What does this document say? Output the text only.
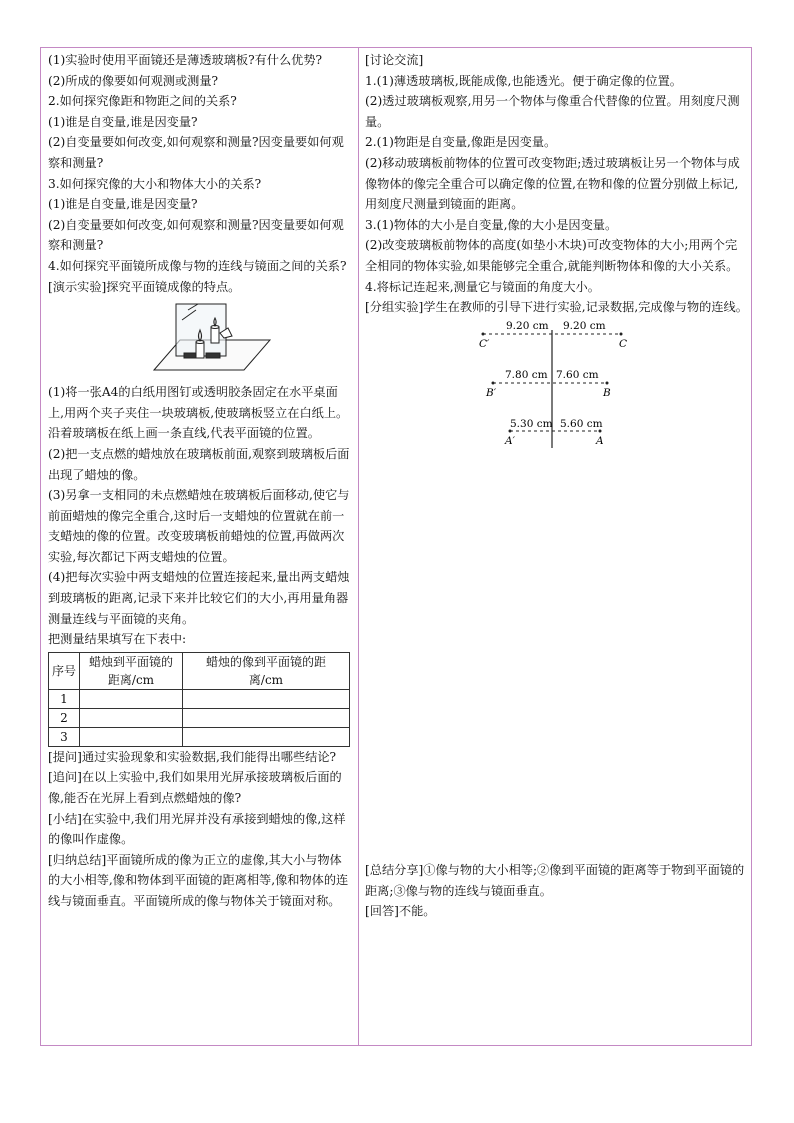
(1)实验时使用平面镜还是薄透玻璃板?有什么优势?

(2)所成的像要如何观测或测量?

2.如何探究像距和物距之间的关系?

(1)谁是自变量,谁是因变量?

(2)自变量要如何改变,如何观察和测量?因变量要如何观察和测量?

3.如何探究像的大小和物体大小的关系?

(1)谁是自变量,谁是因变量?

(2)自变量要如何改变,如何观察和测量?因变量要如何观察和测量?

4.如何探究平面镜所成像与物的连线与镜面之间的关系?

[演示实验]探究平面镜成像的特点。

(1)将一张A4的白纸用图钉或透明胶条固定在水平桌面上,用两个夹子夹住一块玻璃板,使玻璃板竖立在白纸上。沿着玻璃板在纸上画一条直线,代表平面镜的位置。

(2)把一支点燃的蜡烛放在玻璃板前面,观察到玻璃板后面出现了蜡烛的像。

(3)另拿一支相同的未点燃蜡烛在玻璃板后面移动,使它与前面蜡烛的像完全重合,这时后一支蜡烛的位置就在前一支蜡烛的像的位置。改变玻璃板前蜡烛的位置,再做两次实验,每次都记下两支蜡烛的位置。

(4)把每次实验中两支蜡烛的位置连接起来,量出两支蜡烛到玻璃板的距离,记录下来并比较它们的大小,再用量角器测量连线与平面镜的夹角。

把测量结果填写在下表中:

序号	蜡烛到平面镜的距离/cm	蜡烛的像到平面镜的距离/cm
1		
2		
3		

[提问]通过实验现象和实验数据,我们能得出哪些结论?

[追问]在以上实验中,我们如果用光屏承接玻璃板后面的像,能否在光屏上看到点燃蜡烛的像?

[小结]在实验中,我们用光屏并没有承接到蜡烛的像,这样的像叫作虚像。

[归纳总结]平面镜所成的像为正立的虚像,其大小与物体的大小相等,像和物体到平面镜的距离相等,像和物体的连线与镜面垂直。平面镜所成的像与物体关于镜面对称。

[讨论交流]

1.(1)薄透玻璃板,既能成像,也能透光。便于确定像的位置。

(2)透过玻璃板观察,用另一个物体与像重合代替像的位置。用刻度尺测量。

2.(1)物距是自变量,像距是因变量。

(2)移动玻璃板前物体的位置可改变物距;透过玻璃板让另一个物体与成像物体的像完全重合可以确定像的位置,在物和像的位置分别做上标记,用刻度尺测量到镜面的距离。

3.(1)物体的大小是自变量,像的大小是因变量。

(2)改变玻璃板前物体的高度(如垫小木块)可改变物体的大小;用两个完全相同的物体实验,如果能够完全重合,就能判断物体和像的大小关系。

4.将标记连起来,测量它与镜面的角度大小。

[分组实验]学生在教师的引导下进行实验,记录数据,完成像与物的连线。

9.20 cm 9.20 cm
C′	C
7.80 cm 7.60 cm
B′	B
5.30 cm 5.60 cm
A′	A

[总结分享]①像与物的大小相等;②像到平面镜的距离等于物到平面镜的距离;③像与物的连线与镜面垂直。

[回答]不能。
